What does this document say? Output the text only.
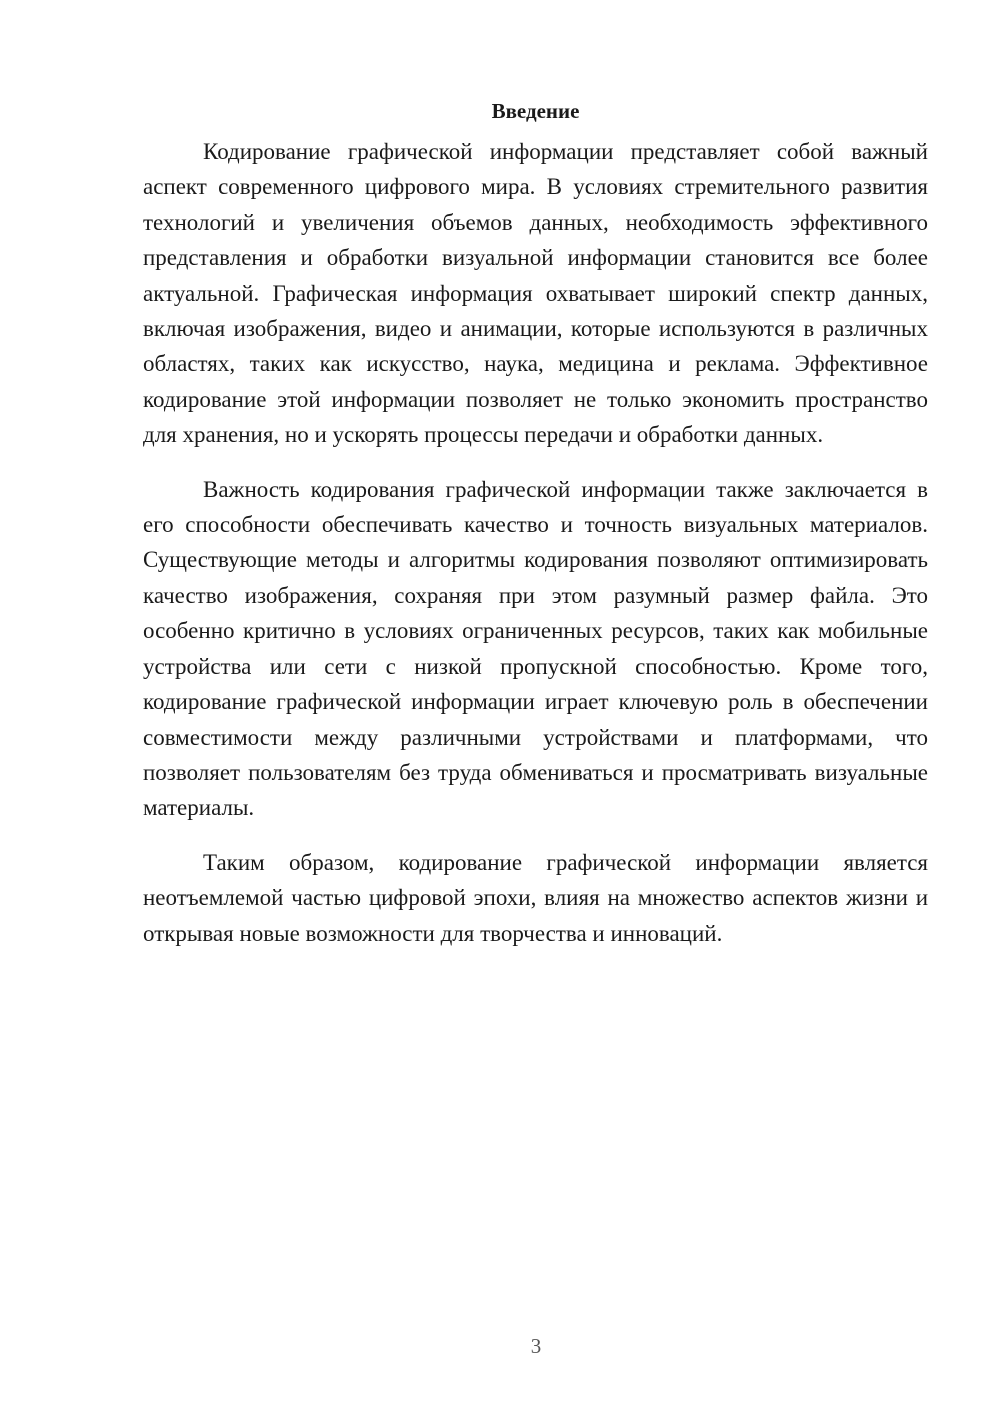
Введение

Кодирование графической информации представляет собой важный аспект современного цифрового мира. В условиях стремительного развития технологий и увеличения объемов данных, необходимость эффективного представления и обработки визуальной информации становится все более актуальной. Графическая информация охватывает широкий спектр данных, включая изображения, видео и анимации, которые используются в различных областях, таких как искусство, наука, медицина и реклама. Эффективное кодирование этой информации позволяет не только экономить пространство для хранения, но и ускорять процессы передачи и обработки данных.

Важность кодирования графической информации также заключается в его способности обеспечивать качество и точность визуальных материалов. Существующие методы и алгоритмы кодирования позволяют оптимизировать качество изображения, сохраняя при этом разумный размер файла. Это особенно критично в условиях ограниченных ресурсов, таких как мобильные устройства или сети с низкой пропускной способностью. Кроме того, кодирование графической информации играет ключевую роль в обеспечении совместимости между различными устройствами и платформами, что позволяет пользователям без труда обмениваться и просматривать визуальные материалы.

Таким образом, кодирование графической информации является неотъемлемой частью цифровой эпохи, влияя на множество аспектов жизни и открывая новые возможности для творчества и инноваций.

3
